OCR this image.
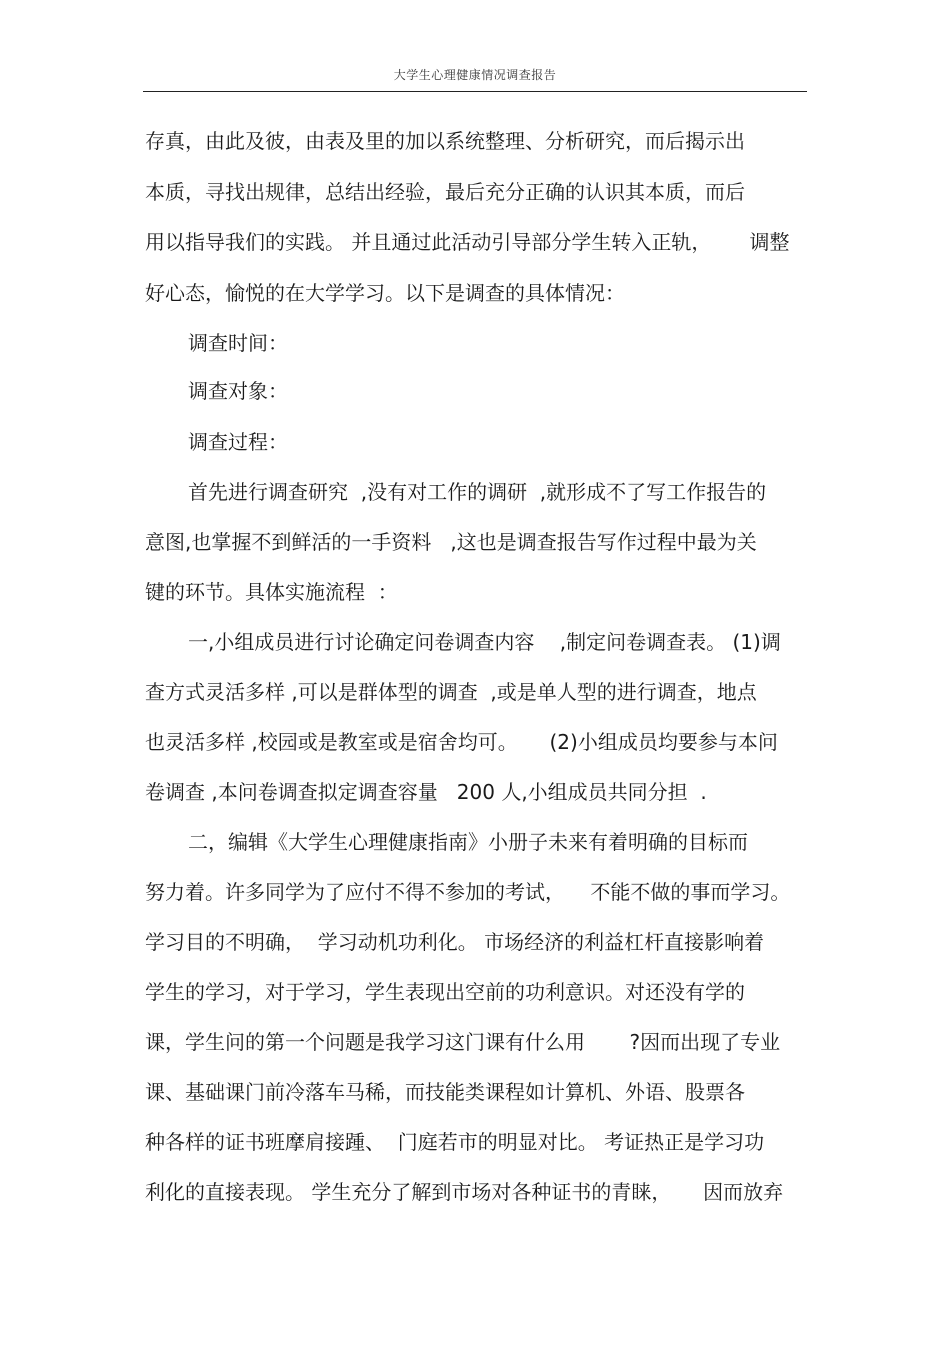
大学生心理健康情况调查报告
存真，由此及彼，由表及里的加以系统整理、分析研究，而后揭示出
本质，寻找出规律，总结出经验，最后充分正确的认识其本质，而后
用以指导我们的实践。 并且通过此活动引导部分学生转入正轨，      调整
好心态，愉悦的在大学学习。以下是调查的具体情况：
调查时间：
调查对象：
调查过程：
首先进行调查研究  ,没有对工作的调研  ,就形成不了写工作报告的
意图,也掌握不到鲜活的一手资料   ,这也是调查报告写作过程中最为关
键的环节。具体实施流程  ：
一,小组成员进行讨论确定问卷调查内容    ,制定问卷调查表。 (1)调
查方式灵活多样 ,可以是群体型的调查  ,或是单人型的进行调查，地点
也灵活多样 ,校园或是教室或是宿舍均可。     (2)小组成员均要参与本问
卷调查 ,本问卷调查拟定调查容量   200 人,小组成员共同分担  .
二，编辑《大学生心理健康指南》小册子未来有着明确的目标而
努力着。许多同学为了应付不得不参加的考试，    不能不做的事而学习。
学习目的不明确，  学习动机功利化。 市场经济的利益杠杆直接影响着
学生的学习，对于学习，学生表现出空前的功利意识。对还没有学的
课，学生问的第一个问题是我学习这门课有什么用       ?因而出现了专业
课、基础课门前冷落车马稀，而技能类课程如计算机、外语、股票各
种各样的证书班摩肩接踵、  门庭若市的明显对比。 考证热正是学习功
利化的直接表现。 学生充分了解到市场对各种证书的青睐，     因而放弃
